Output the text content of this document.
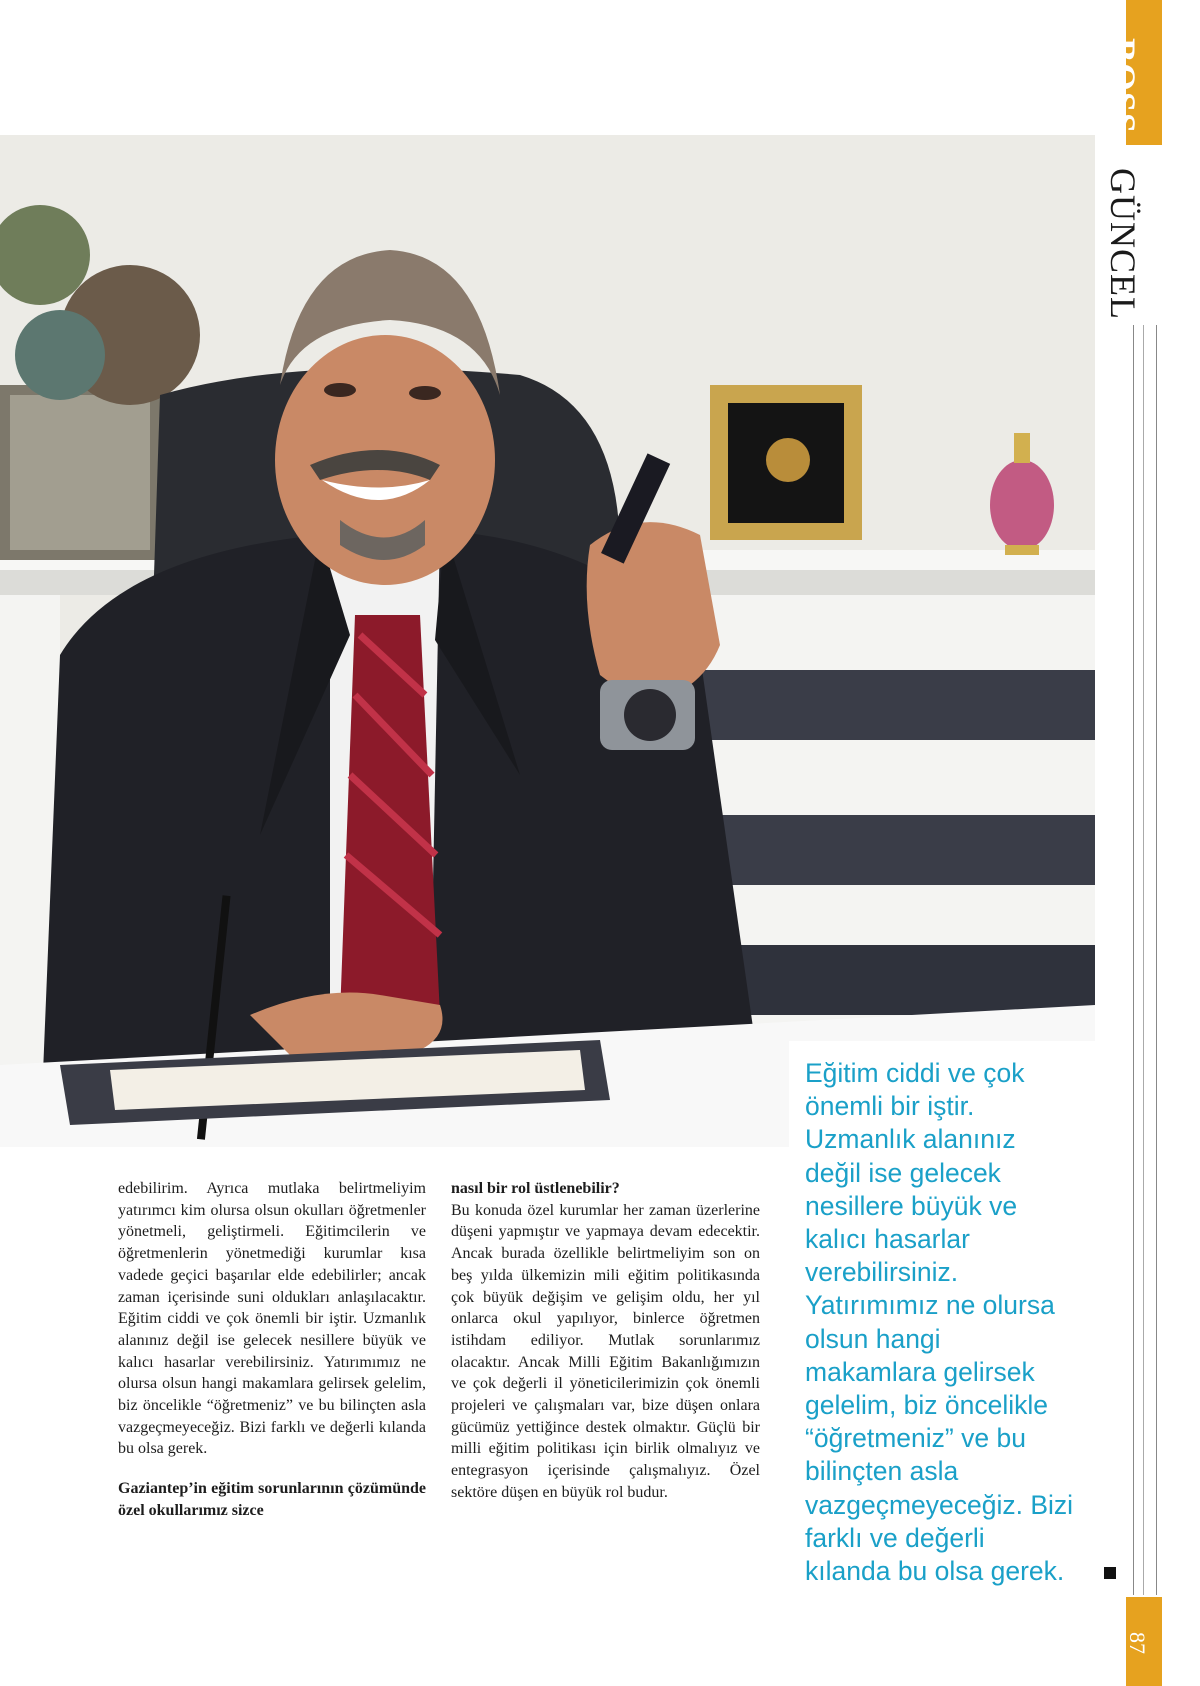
BOSS
GÜNCEL
87

edebilirim. Ayrıca mutlaka belirtmeliyim yatırımcı kim olursa olsun okulları öğretmenler yönetmeli, geliştirmeli. Eğitimcilerin ve öğretmenlerin yönetmediği kurumlar kısa vadede geçici başarılar elde edebilirler; ancak zaman içerisinde suni oldukları anlaşılacaktır. Eğitim ciddi ve çok önemli bir iştir. Uzmanlık alanınız değil ise gelecek nesillere büyük ve kalıcı hasarlar verebilirsiniz. Yatırımımız ne olursa olsun hangi makamlara gelirsek gelelim, biz öncelikle “öğretmeniz” ve bu bilinçten asla vazgeçmeyeceğiz. Bizi farklı ve değerli kılanda bu olsa gerek.

Gaziantep’in eğitim sorunlarının çözümünde özel okullarımız sizce

nasıl bir rol üstlenebilir?

Bu konuda özel kurumlar her zaman üzerlerine düşeni yapmıştır ve yapmaya devam edecektir. Ancak burada özellikle belirtmeliyim son on beş yılda ülkemizin mili eğitim politikasında çok büyük değişim ve gelişim oldu, her yıl onlarca okul yapılıyor, binlerce öğretmen istihdam ediliyor. Mutlak sorunlarımız olacaktır. Ancak Milli Eğitim Bakanlığımızın ve çok değerli il yöneticilerimizin çok önemli projeleri ve çalışmaları var, bize düşen onlara gücümüz yettiğince destek olmaktır. Güçlü bir milli eğitim politikası için birlik olmalıyız ve entegrasyon içerisinde çalışmalıyız. Özel sektöre düşen en büyük rol budur.

Eğitim ciddi ve çok önemli bir iştir. Uzmanlık alanınız değil ise gelecek nesillere büyük ve kalıcı hasarlar verebilirsiniz. Yatırımımız ne olursa olsun hangi makamlara gelirsek gelelim, biz öncelikle “öğretmeniz” ve bu bilinçten asla vazgeçmeyeceğiz. Bizi farklı ve değerli kılanda bu olsa gerek.
